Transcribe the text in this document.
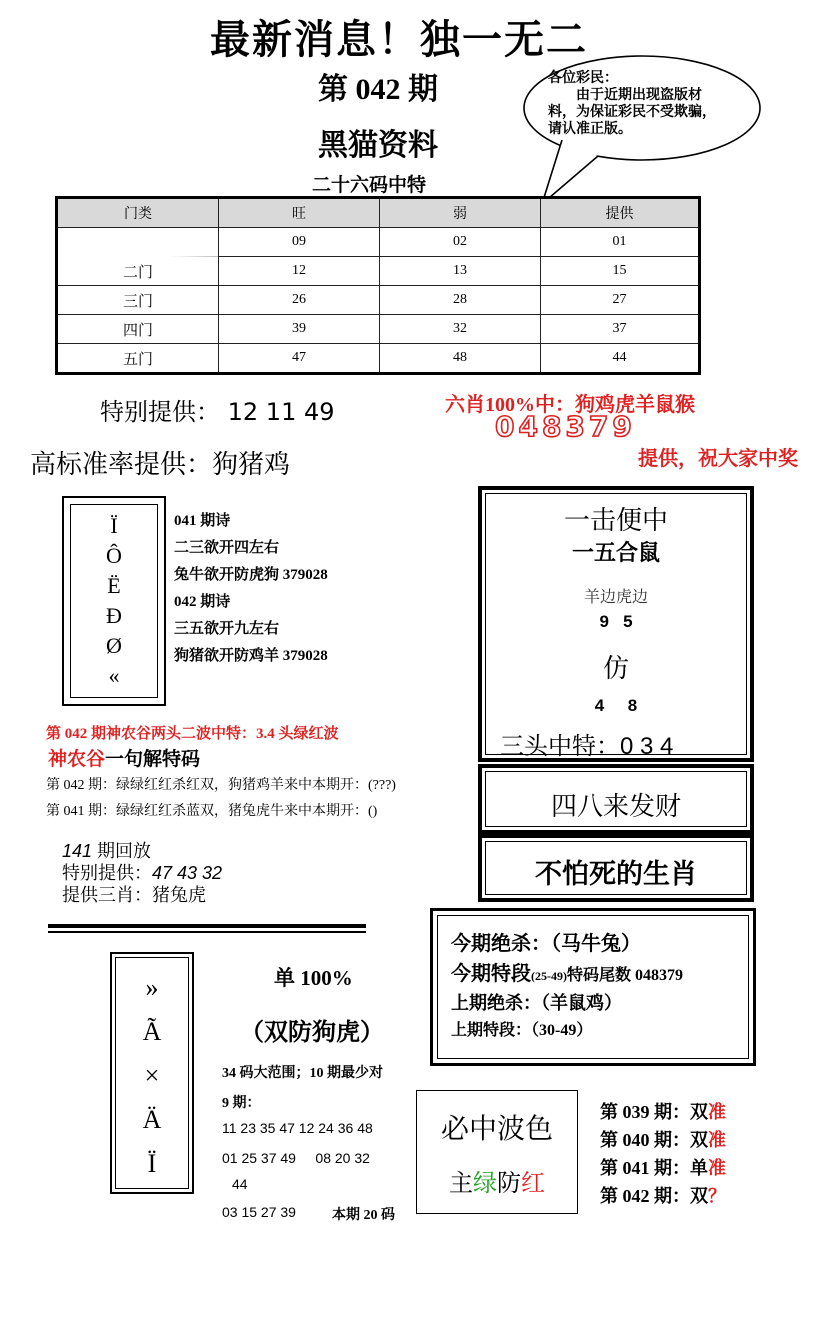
最新消息！独一无二
第 042 期
黑猫资料
二十六码中特
各位彩民：
由于近期出现盗版材料，为保证彩民不受欺骗，请认准正版。
门类	旺	弱	提供
	09	02	01
二门	12	13	15
三门	26	28	27
四门	39	32	37
五门	47	48	44
特别提供： 12 11 49	六肖100%中：狗鸡虎羊鼠猴
048379
提供，祝大家中奖
高标准率提供：狗猪鸡
Ï
Ô
Ë
Ð
Ø
«
041 期诗
二三欲开四左右
兔牛欲开防虎狗 379028
042 期诗
三五欲开九左右
狗猪欲开防鸡羊 379028
第 042 期神农谷两头二波中特：3.4 头绿红波
神农谷一句解特码
第 042 期：绿绿红红杀红双，狗猪鸡羊来中本期开：(???)
第 041 期：绿绿红红杀蓝双，猪兔虎牛来中本期开：()
141 期回放
特别提供：47 43 32
提供三肖：猪兔虎
一击便中
一五合鼠
羊边虎边
9   5
仿
4     8
三头中特：0 3 4
四八来发财
不怕死的生肖
今期绝杀：（马牛兔）
今期特段(25-49)特码尾数 048379
上期绝杀：（羊鼠鸡）
上期特段：（30-49）
»
Ã
×
Ä
Ï
单 100%
（双防狗虎）
34 码大范围；10 期最少对
9 期：
11 23 35 47 12 24 36 48
01 25 37 49     08 20 32
44
03 15 27 39	本期 20 码
必中波色
主绿防红
第 039 期：双准
第 040 期：双准
第 041 期：单准
第 042 期：双？
